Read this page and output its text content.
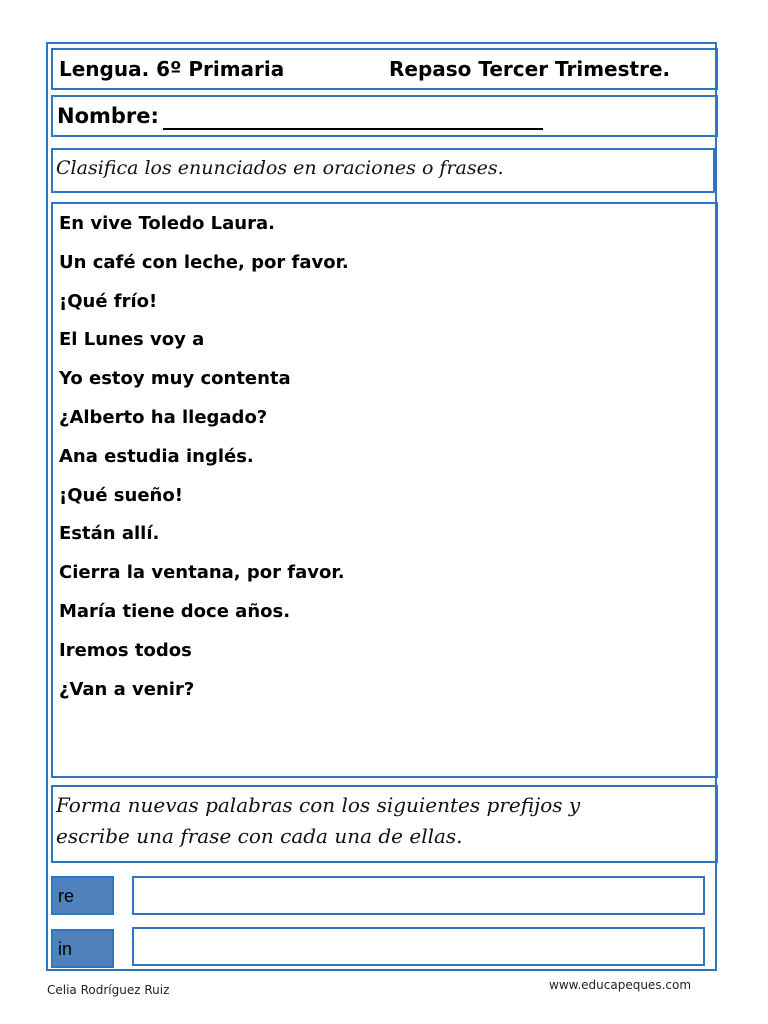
Lengua. 6º Primaria	Repaso Tercer Trimestre.
Nombre:
Clasifica los enunciados en oraciones o frases.
En vive Toledo Laura.
Un café con leche, por favor.
¡Qué frío!
El Lunes voy a
Yo estoy muy contenta
¿Alberto ha llegado?
Ana estudia inglés.
¡Qué sueño!
Están allí.
Cierra la ventana, por favor.
María tiene doce años.
Iremos todos
¿Van a venir?
Forma nuevas palabras con los siguientes prefijos y
escribe una frase con cada una de ellas.
re
in
Celia Rodríguez Ruiz	www.educapeques.com
